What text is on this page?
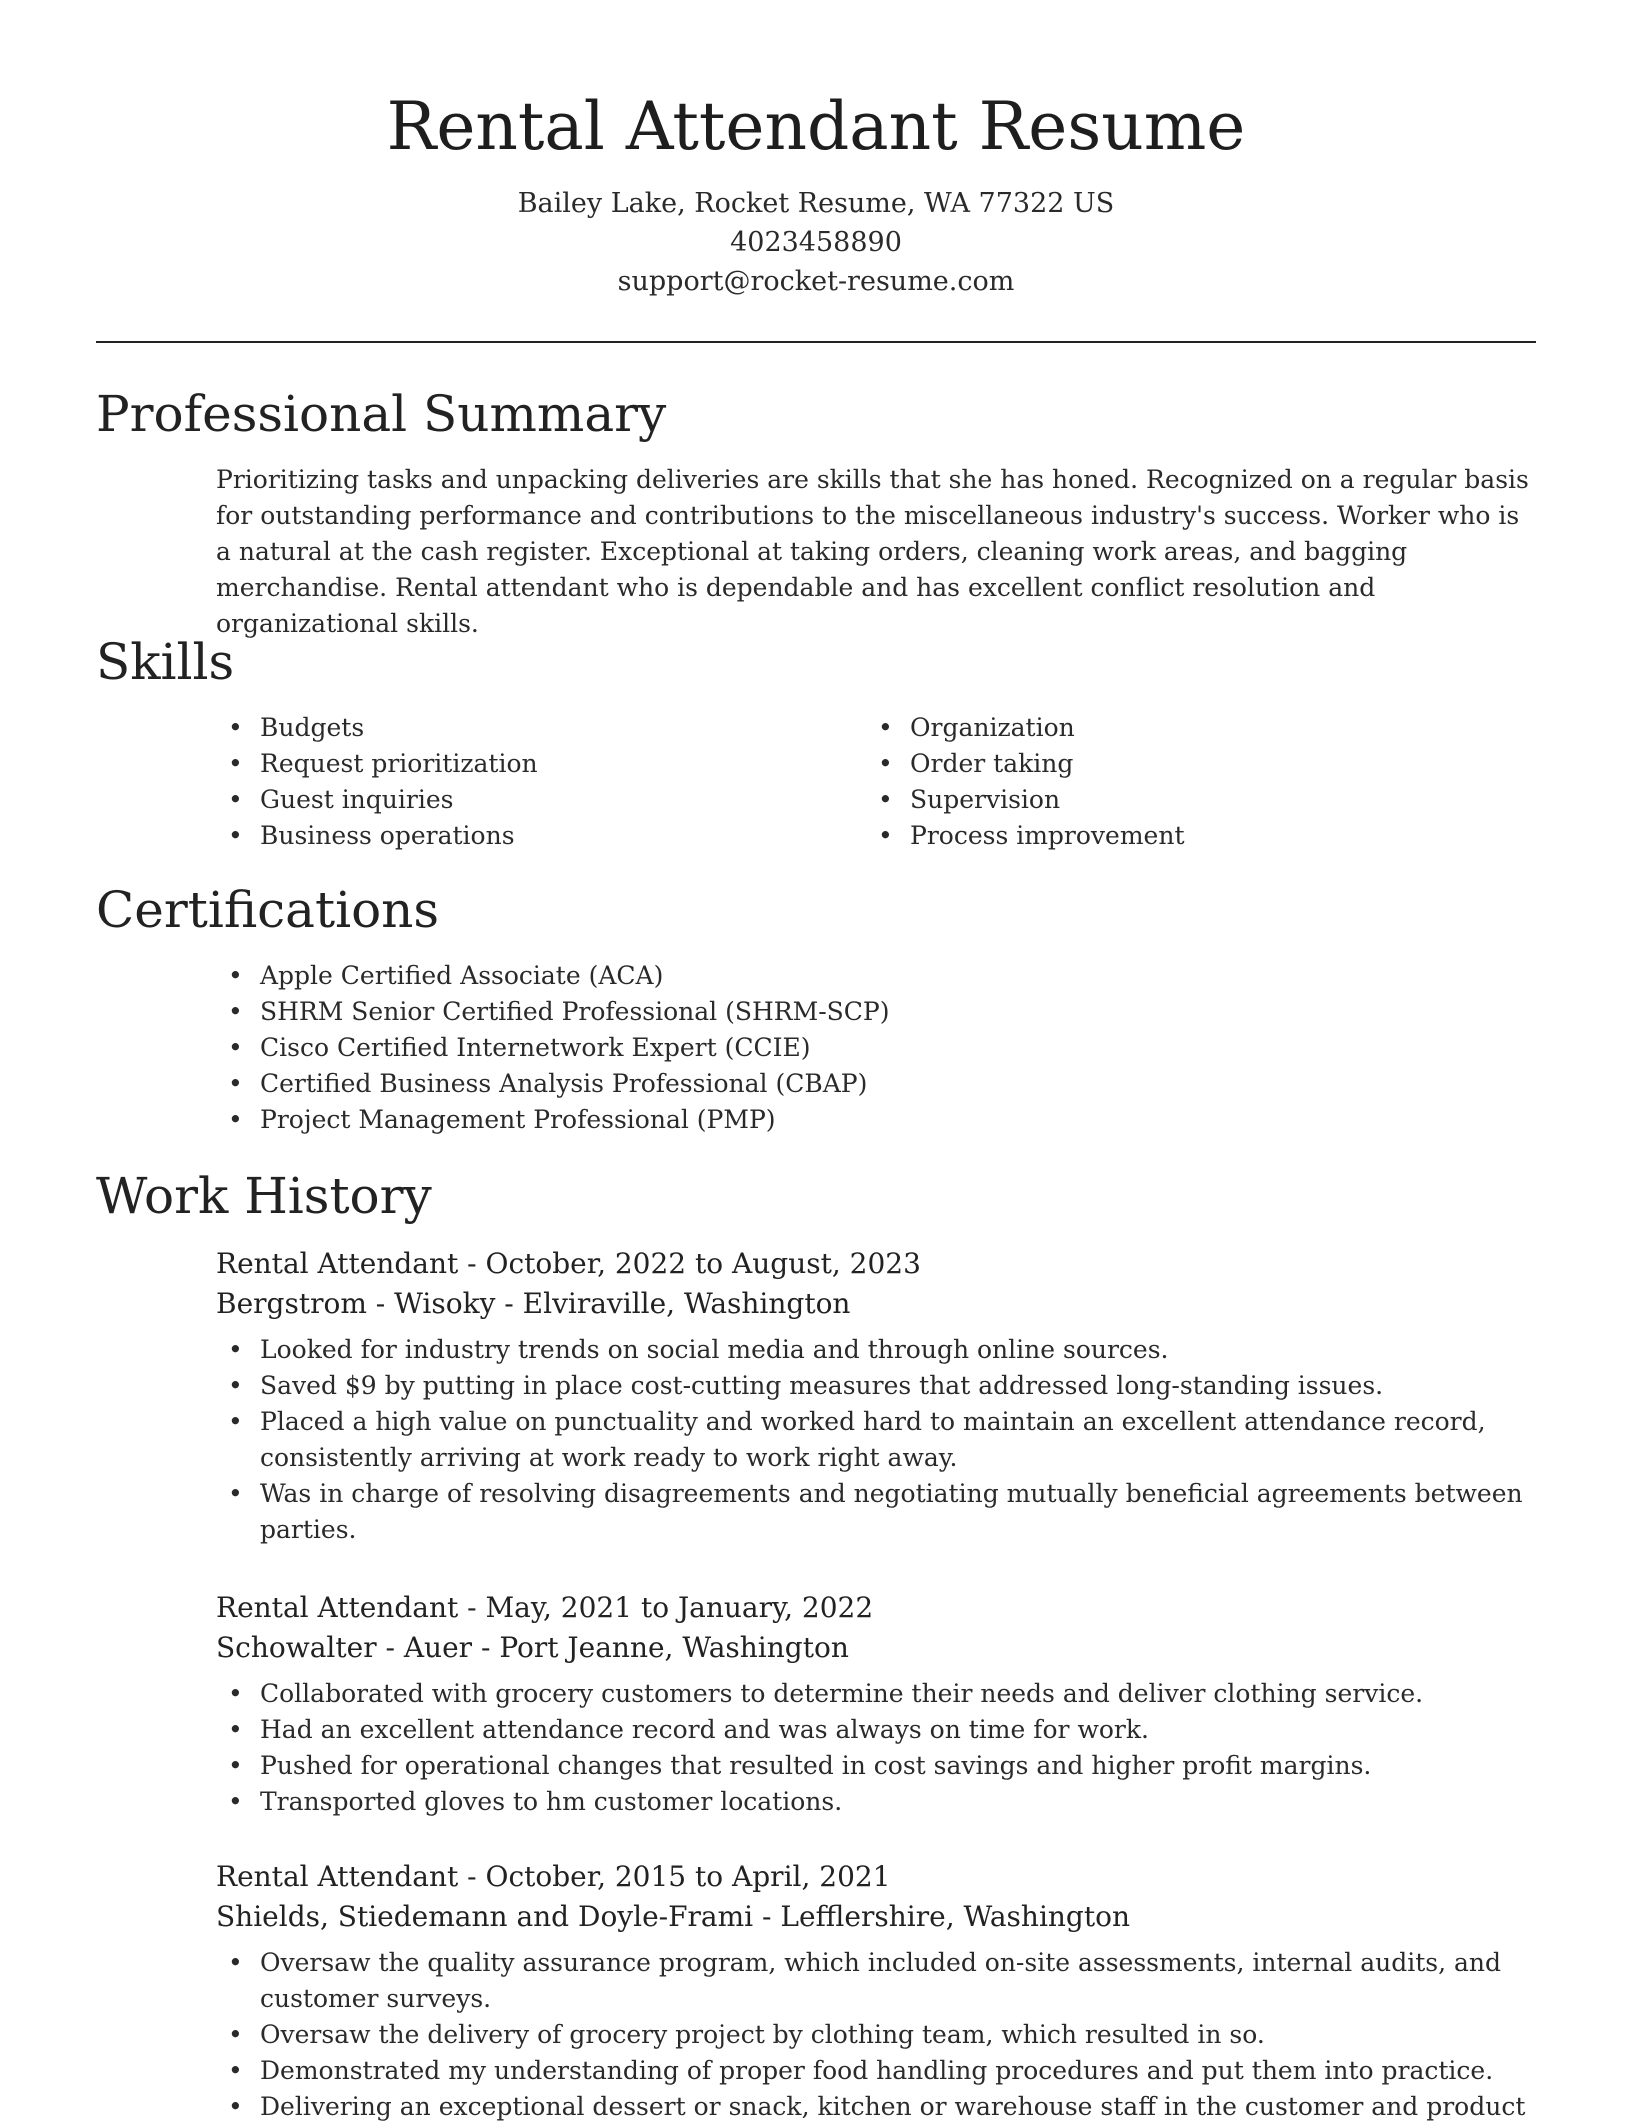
Rental Attendant Resume
Bailey Lake, Rocket Resume, WA 77322 US
4023458890
support@rocket-resume.com
Professional Summary
Prioritizing tasks and unpacking deliveries are skills that she has honed. Recognized on a regular basis for outstanding performance and contributions to the miscellaneous industry's success. Worker who is a natural at the cash register. Exceptional at taking orders, cleaning work areas, and bagging merchandise. Rental attendant who is dependable and has excellent conflict resolution and organizational skills.
Skills
• Budgets
• Request prioritization
• Guest inquiries
• Business operations
• Organization
• Order taking
• Supervision
• Process improvement
Certifications
• Apple Certified Associate (ACA)
• SHRM Senior Certified Professional (SHRM-SCP)
• Cisco Certified Internetwork Expert (CCIE)
• Certified Business Analysis Professional (CBAP)
• Project Management Professional (PMP)
Work History
Rental Attendant - October, 2022 to August, 2023
Bergstrom - Wisoky - Elviraville, Washington
• Looked for industry trends on social media and through online sources.
• Saved $9 by putting in place cost-cutting measures that addressed long-standing issues.
• Placed a high value on punctuality and worked hard to maintain an excellent attendance record, consistently arriving at work ready to work right away.
• Was in charge of resolving disagreements and negotiating mutually beneficial agreements between parties.
Rental Attendant - May, 2021 to January, 2022
Schowalter - Auer - Port Jeanne, Washington
• Collaborated with grocery customers to determine their needs and deliver clothing service.
• Had an excellent attendance record and was always on time for work.
• Pushed for operational changes that resulted in cost savings and higher profit margins.
• Transported gloves to hm customer locations.
Rental Attendant - October, 2015 to April, 2021
Shields, Stiedemann and Doyle-Frami - Lefflershire, Washington
• Oversaw the quality assurance program, which included on-site assessments, internal audits, and customer surveys.
• Oversaw the delivery of grocery project by clothing team, which resulted in so.
• Demonstrated my understanding of proper food handling procedures and put them into practice.
• Delivering an exceptional dessert or snack, kitchen or warehouse staff in the customer and product
